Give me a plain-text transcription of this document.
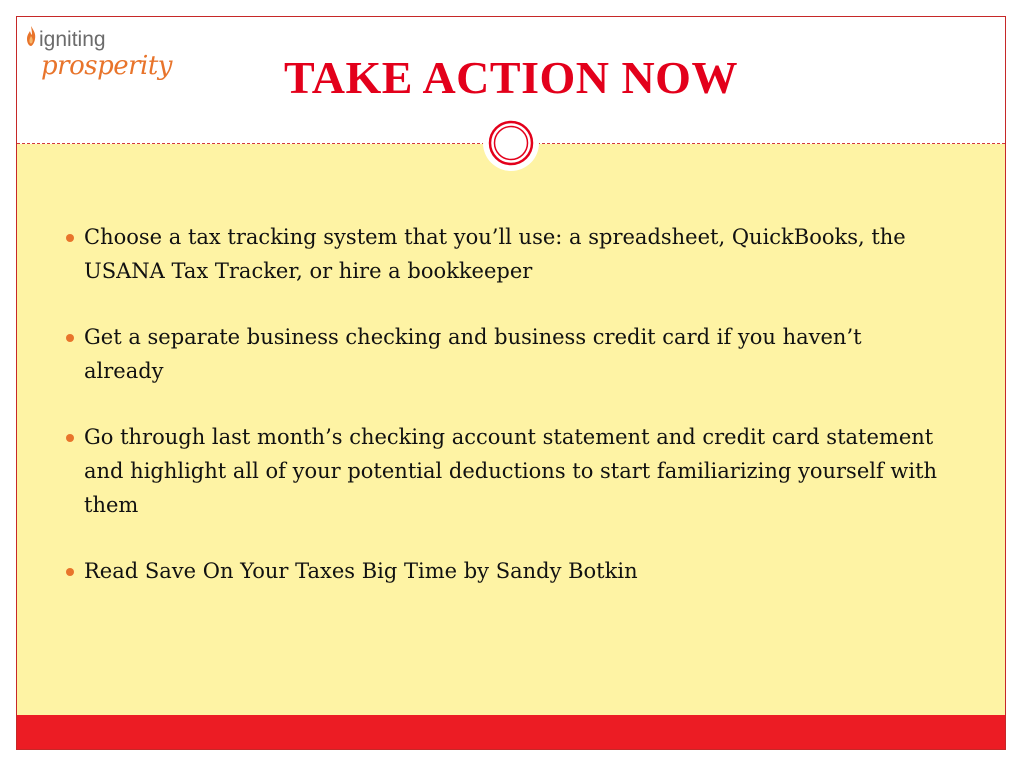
igniting
prosperity	TAKE ACTION NOW
Choose a tax tracking system that you’ll use: a spreadsheet, QuickBooks, the USANA Tax Tracker, or hire a bookkeeper
Get a separate business checking and business credit card if you haven’t already
Go through last month’s checking account statement and credit card statement and highlight all of your potential deductions to start familiarizing yourself with them
Read Save On Your Taxes Big Time by Sandy Botkin
